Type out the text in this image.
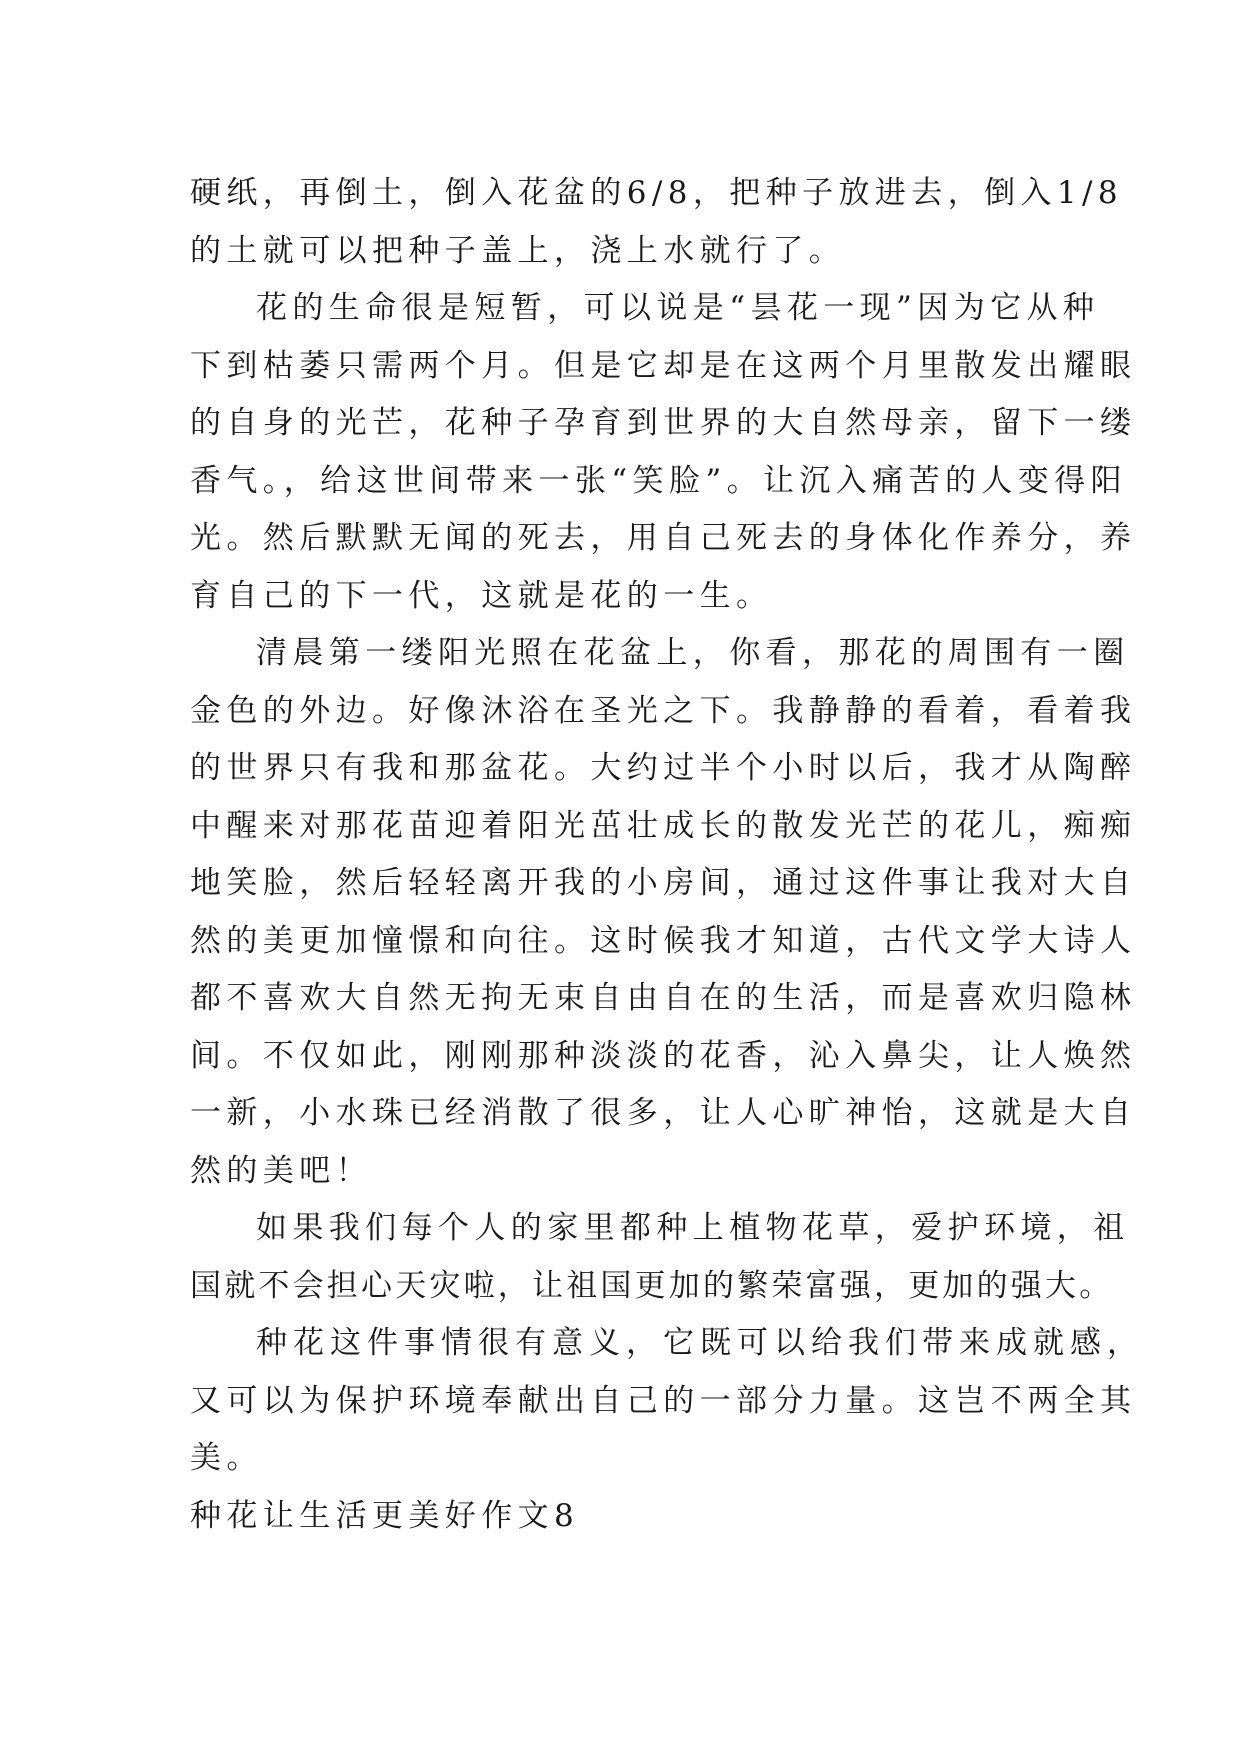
硬纸，再倒土，倒入花盆的6/8，把种子放进去，倒入1/8
的土就可以把种子盖上，浇上水就行了。
花的生命很是短暂，可以说是“昙花一现”因为它从种
下到枯萎只需两个月。但是它却是在这两个月里散发出耀眼
的自身的光芒，花种子孕育到世界的大自然母亲，留下一缕
香气。，给这世间带来一张“笑脸”。让沉入痛苦的人变得阳
光。然后默默无闻的死去，用自己死去的身体化作养分，养
育自己的下一代，这就是花的一生。
清晨第一缕阳光照在花盆上，你看，那花的周围有一圈
金色的外边。好像沐浴在圣光之下。我静静的看着，看着我
的世界只有我和那盆花。大约过半个小时以后，我才从陶醉
中醒来对那花苗迎着阳光茁壮成长的散发光芒的花儿，痴痴
地笑脸，然后轻轻离开我的小房间，通过这件事让我对大自
然的美更加憧憬和向往。这时候我才知道，古代文学大诗人
都不喜欢大自然无拘无束自由自在的生活，而是喜欢归隐林
间。不仅如此，刚刚那种淡淡的花香，沁入鼻尖，让人焕然
一新，小水珠已经消散了很多，让人心旷神怡，这就是大自
然的美吧！
如果我们每个人的家里都种上植物花草，爱护环境，祖
国就不会担心天灾啦，让祖国更加的繁荣富强，更加的强大。
种花这件事情很有意义，它既可以给我们带来成就感，
又可以为保护环境奉献出自己的一部分力量。这岂不两全其
美。
种花让生活更美好作文8
